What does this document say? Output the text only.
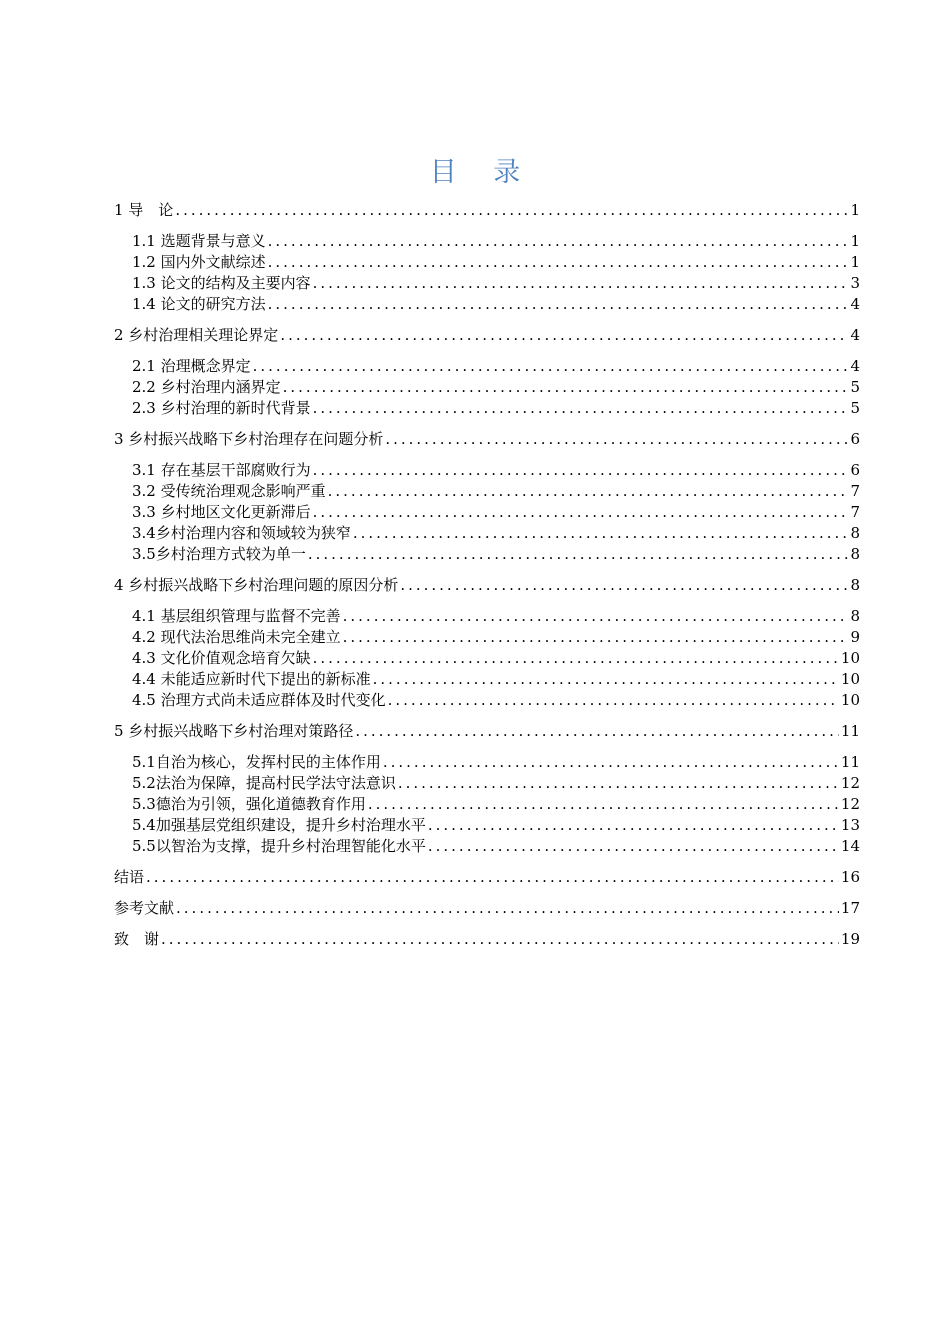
目 录
1 导　论 .....	1
1.1 选题背景与意义 .....	1
1.2 国内外文献综述 .....	1
1.3 论文的结构及主要内容 .....	3
1.4 论文的研究方法 .....	4
2 乡村治理相关理论界定 .....	4
2.1 治理概念界定 .....	4
2.2 乡村治理内涵界定 .....	5
2.3 乡村治理的新时代背景 .....	5
3 乡村振兴战略下乡村治理存在问题分析 .....	6
3.1 存在基层干部腐败行为 .....	6
3.2 受传统治理观念影响严重 .....	7
3.3 乡村地区文化更新滞后 .....	7
3.4乡村治理内容和领域较为狭窄 .....	8
3.5乡村治理方式较为单一 .....	8
4 乡村振兴战略下乡村治理问题的原因分析 .....	8
4.1 基层组织管理与监督不完善 .....	8
4.2 现代法治思维尚未完全建立 .....	9
4.3 文化价值观念培育欠缺 .....	10
4.4 未能适应新时代下提出的新标准 .....	10
4.5 治理方式尚未适应群体及时代变化 .....	10
5 乡村振兴战略下乡村治理对策路径 .....	11
5.1自治为核心，发挥村民的主体作用 .....	11
5.2法治为保障，提高村民学法守法意识 .....	12
5.3德治为引领，强化道德教育作用 .....	12
5.4加强基层党组织建设，提升乡村治理水平 .....	13
5.5以智治为支撑，提升乡村治理智能化水平 .....	14
结语 .....	16
参考文献 .....	17
致　谢 .....	19
